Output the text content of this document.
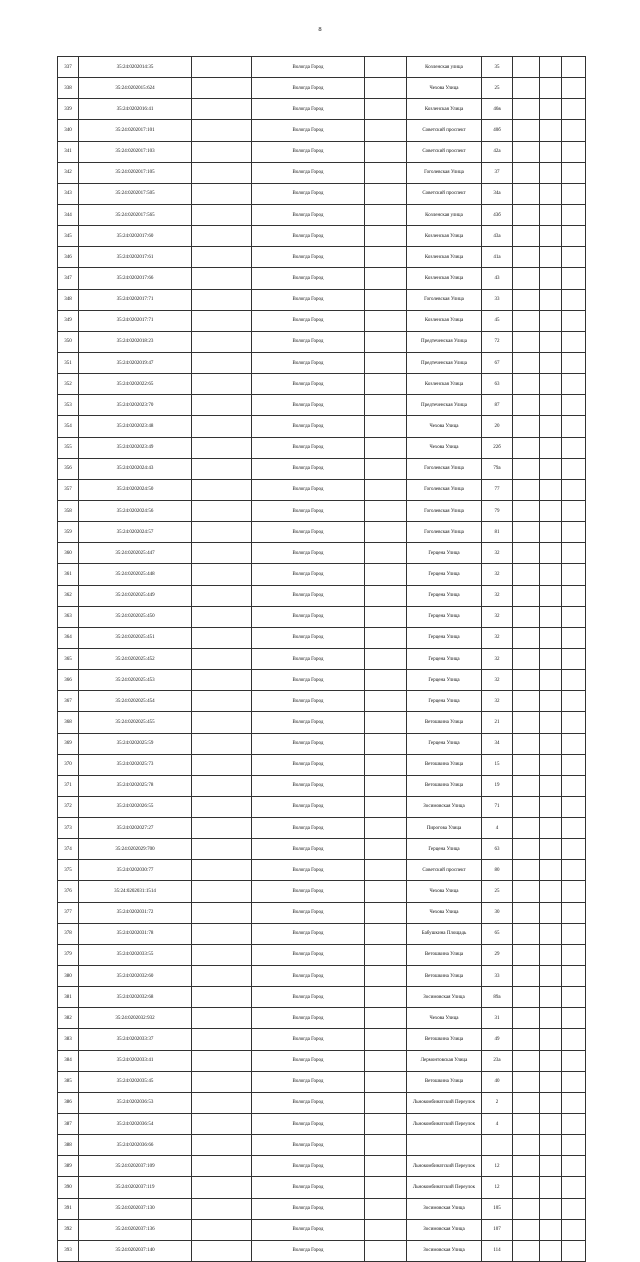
8
337	35:24:0202014:35		Вологда Город		Козленская улица	35			
338	35:24:0202015:624		Вологда Город		Чехова Улица	25			
339	35:24:0202016:41		Вологда Город		Козленская Улица	46в			
340	35:24:0202017:101		Вологда Город		Советский проспект	40б			
341	35:24:0202017:103		Вологда Город		Советский проспект	42а			
342	35:24:0202017:105		Вологда Город		Гоголевская Улица	37			
343	35:24:0202017:505		Вологда Город		Советский проспект	34а			
344	35:24:0202017:565		Вологда Город		Козленская улица	43б			
345	35:24:0202017:60		Вологда Город		Козленская Улица	43а			
346	35:24:0202017:61		Вологда Город		Козленская Улица	41а			
347	35:24:0202017:66		Вологда Город		Козленская Улица	43			
348	35:24:0202017:71		Вологда Город		Гоголевская Улица	33			
349	35:24:0202017:71		Вологда Город		Козленская Улица	45			
350	35:24:0202018:23		Вологда Город		Предтеченская Улица	72			
351	35:24:0202019:47		Вологда Город		Предтеченская Улица	67			
352	35:24:0202022:65		Вологда Город		Козленская Улица	63			
353	35:24:0202023:70		Вологда Город		Предтеченская Улица	87			
354	35:24:0202023:48		Вологда Город		Чехова Улица	20			
355	35:24:0202023:49		Вологда Город		Чехова Улица	22б			
356	35:24:0202024:43		Вологда Город		Гоголевская Улица	79а			
357	35:24:0202024:50		Вологда Город		Гоголевская Улица	77			
358	35:24:0202024:56		Вологда Город		Гоголевская Улица	79			
359	35:24:0202024:57		Вологда Город		Гоголевская Улица	81			
360	35:24:0202025:447		Вологда Город		Герцена Улица	32			
361	35:24:0202025:448		Вологда Город		Герцена Улица	32			
362	35:24:0202025:449		Вологда Город		Герцена Улица	32			
363	35:24:0202025:450		Вологда Город		Герцена Улица	32			
364	35:24:0202025:451		Вологда Город		Герцена Улица	32			
365	35:24:0202025:452		Вологда Город		Герцена Улица	32			
366	35:24:0202025:453		Вологда Город		Герцена Улица	32			
367	35:24:0202025:454		Вологда Город		Герцена Улица	32			
368	35:24:0202025:455		Вологда Город		Ветошкина Улица	21			
369	35:24:0202025:59		Вологда Город		Герцена Улица	34			
370	35:24:0202025:73		Вологда Город		Ветошкина Улица	15			
371	35:24:0202025:78		Вологда Город		Ветошкина Улица	19			
372	35:24:0202026:55		Вологда Город		Зосимовская Улица	71			
373	35:24:0202027:27		Вологда Город		Пирогова Улица	4			
374	35:24:0202029:700		Вологда Город		Герцена Улица	63			
375	35:24:0202030:77		Вологда Город		Советский проспект	80			
376	35:24:0202031:1514		Вологда Город		Чехова Улица	25			
377	35:24:0202031:72		Вологда Город		Чехова Улица	30			
378	35:24:0202031:78		Вологда Город		Бабушкина Площадь	65			
379	35:24:0202033:55		Вологда Город		Ветошкина Улица	29			
380	35:24:0202032:60		Вологда Город		Ветошкина Улица	33			
381	35:24:0202032:68		Вологда Город		Зосимовская Улица	89а			
382	35:24:0202032:932		Вологда Город		Чехова Улица	31			
383	35:24:0202033:37		Вологда Город		Ветошкина Улица	49			
384	35:24:0202033:41		Вологда Город		Лермонтовская Улица	23а			
385	35:24:0202035:45		Вологда Город		Ветошкина Улица	40			
386	35:24:0202036:53		Вологда Город		Льнокомбинатский Переулок	2			
387	35:24:0202036:54		Вологда Город		Льнокомбинатский Переулок	4			
388	35:24:0202036:66		Вологда Город						
389	35:24:0202037:109		Вологда Город		Льнокомбинатский Переулок	12			
390	35:24:0202037:119		Вологда Город		Льнокомбинатский Переулок	12			
391	35:24:0202037:130		Вологда Город		Зосимовская Улица	105			
392	35:24:0202037:136		Вологда Город		Зосимовская Улица	107			
393	35:24:0202037:140		Вологда Город		Зосимовская Улица	114			
